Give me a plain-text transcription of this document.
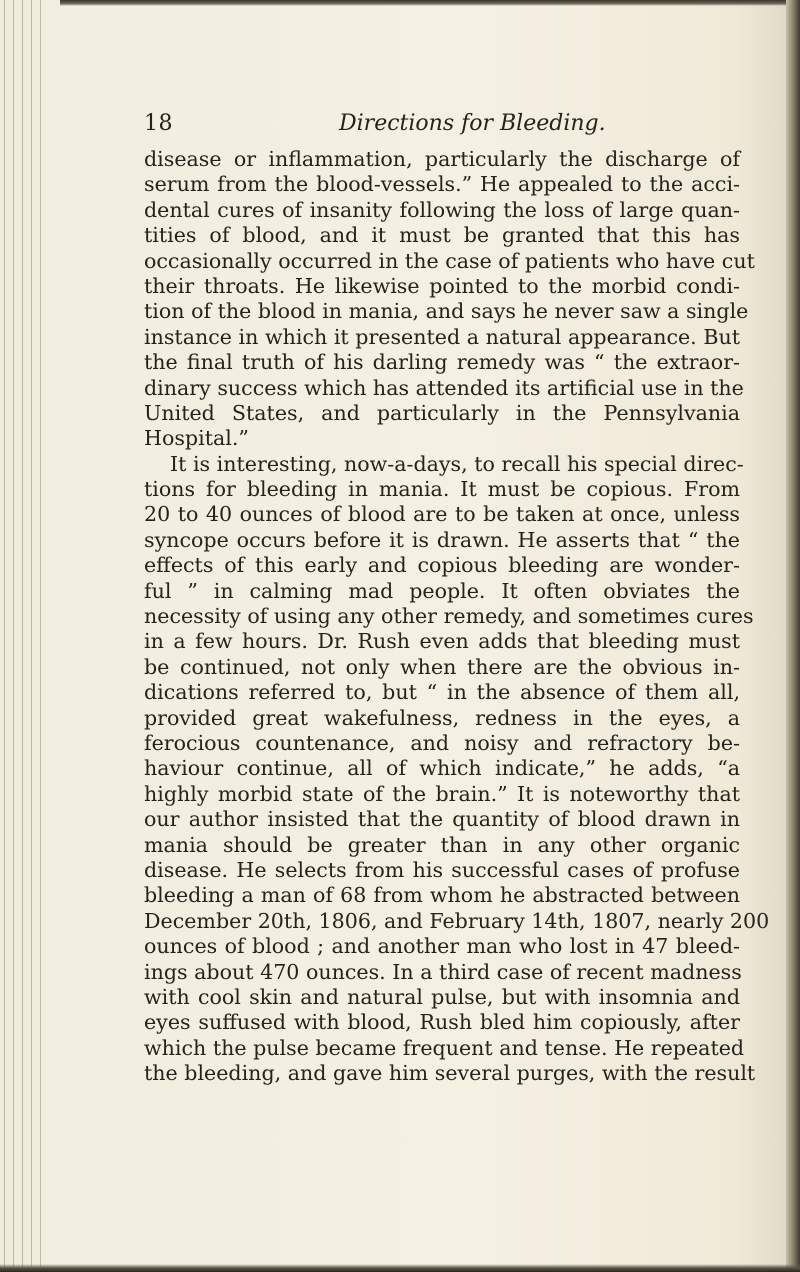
18	Directions for Bleeding.
disease or inflammation, particularly the discharge of
serum from the blood-vessels.” He appealed to the acci-
dental cures of insanity following the loss of large quan-
tities of blood, and it must be granted that this has
occasionally occurred in the case of patients who have cut
their throats. He likewise pointed to the morbid condi-
tion of the blood in mania, and says he never saw a single
instance in which it presented a natural appearance. But
the final truth of his darling remedy was “ the extraor-
dinary success which has attended its artificial use in the
United States, and particularly in the Pennsylvania
Hospital.”
It is interesting, now-a-days, to recall his special direc-
tions for bleeding in mania. It must be copious. From
20 to 40 ounces of blood are to be taken at once, unless
syncope occurs before it is drawn. He asserts that “ the
effects of this early and copious bleeding are wonder-
ful ” in calming mad people. It often obviates the
necessity of using any other remedy, and sometimes cures
in a few hours. Dr. Rush even adds that bleeding must
be continued, not only when there are the obvious in-
dications referred to, but “ in the absence of them all,
provided great wakefulness, redness in the eyes, a
ferocious countenance, and noisy and refractory be-
haviour continue, all of which indicate,” he adds, “a
highly morbid state of the brain.” It is noteworthy that
our author insisted that the quantity of blood drawn in
mania should be greater than in any other organic
disease. He selects from his successful cases of profuse
bleeding a man of 68 from whom he abstracted between
December 20th, 1806, and February 14th, 1807, nearly 200
ounces of blood ; and another man who lost in 47 bleed-
ings about 470 ounces. In a third case of recent madness
with cool skin and natural pulse, but with insomnia and
eyes suffused with blood, Rush bled him copiously, after
which the pulse became frequent and tense. He repeated
the bleeding, and gave him several purges, with the result
